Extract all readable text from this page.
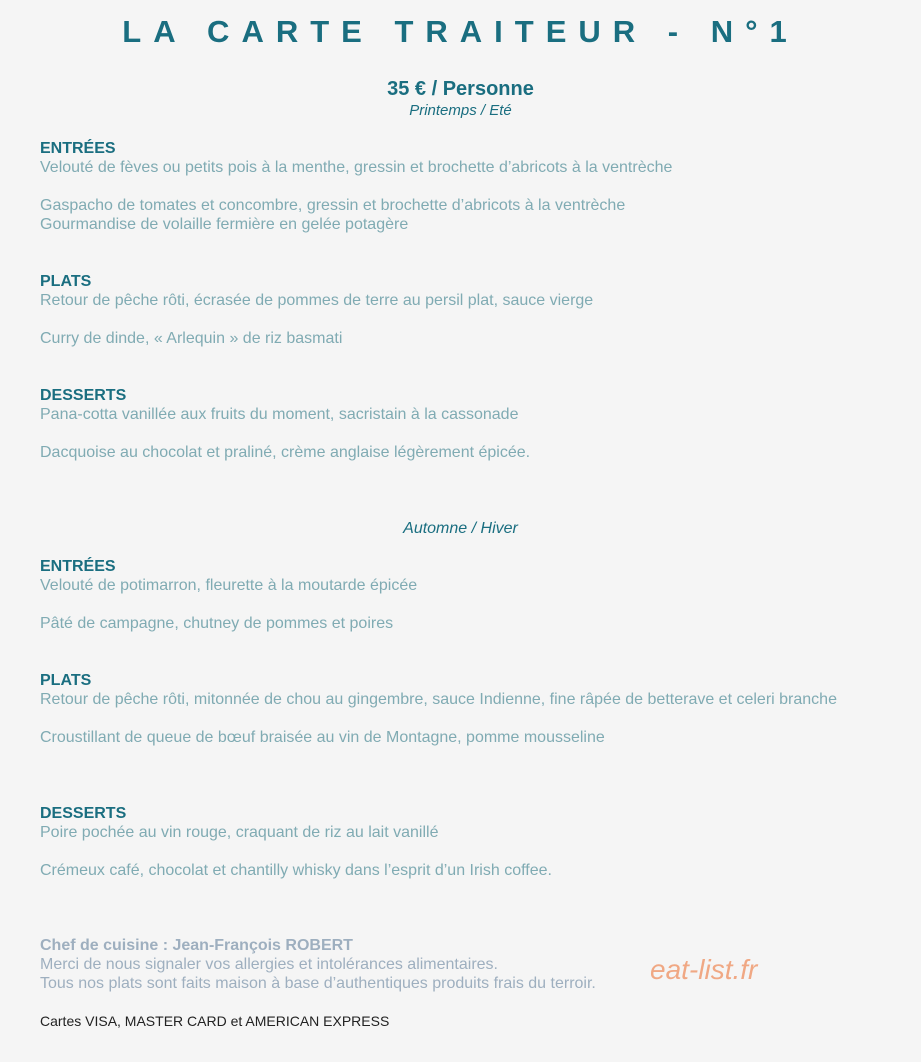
LA CARTE TRAITEUR - N°1
35 € / Personne
Printemps / Eté

ENTRÉES

Velouté de fèves ou petits pois à la menthe, gressin et brochette d’abricots à la ventrèche

Gaspacho de tomates et concombre, gressin et brochette d’abricots à la ventrèche

Gourmandise de volaille fermière en gelée potagère

PLATS

Retour de pêche rôti, écrasée de pommes de terre au persil plat, sauce vierge

Curry de dinde, « Arlequin » de riz basmati

DESSERTS

Pana-cotta vanillée aux fruits du moment, sacristain à la cassonade

Dacquoise au chocolat et praliné, crème anglaise légèrement épicée.

Automne / Hiver

ENTRÉES

Velouté de potimarron, fleurette à la moutarde épicée

Pâté de campagne, chutney de pommes et poires

PLATS

Retour de pêche rôti, mitonnée de chou au gingembre, sauce Indienne, fine râpée de betterave et celeri branche

Croustillant de queue de bœuf braisée au vin de Montagne, pomme mousseline

DESSERTS

Poire pochée au vin rouge, craquant de riz au lait vanillé

Crémeux café, chocolat et chantilly whisky dans l’esprit d’un Irish coffee.

Chef de cuisine : Jean-François ROBERT

Merci de nous signaler vos allergies et intolérances alimentaires.

Tous nos plats sont faits maison à base d’authentiques produits frais du terroir.	eat-list.fr
Cartes VISA, MASTER CARD et AMERICAN EXPRESS
